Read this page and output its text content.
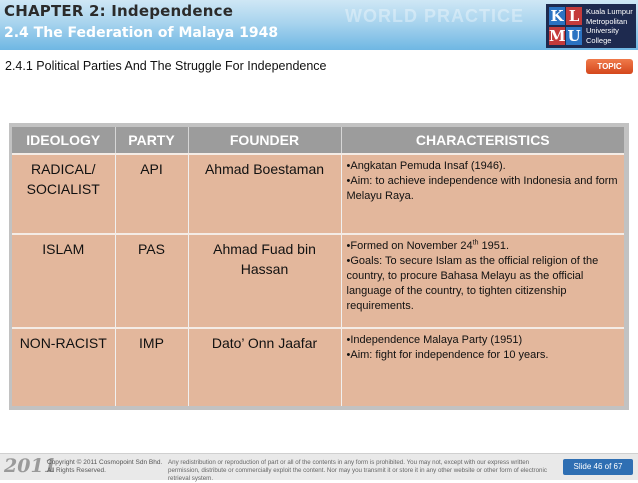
CHAPTER 2: Independence
2.4 The Federation of Malaya 1948
WORLD PRACTICE K L
M U
Kuala Lumpur
Metropolitan
University
College
2.4.1 Political Parties And The Struggle For Independence	TOPIC
IDEOLOGY	PARTY	FOUNDER	CHARACTERISTICS
RADICAL/ SOCIALIST	API	Ahmad Boestaman	•Angkatan Pemuda Insaf (1946).
•Aim: to achieve independence with Indonesia and form Melayu Raya.

ISLAM	PAS	Ahmad Fuad bin Hassan	•Formed on November 24th 1951.
•Goals: To secure Islam as the official religion of the country, to procure Bahasa Melayu as the official language of the country, to tighten citizenship requirements.

NON-RACIST	IMP	Dato’ Onn Jaafar	•Independence Malaya Party (1951)
•Aim: fight for independence for 10 years.
2011
Copyright © 2011 Cosmopoint Sdn Bhd. All Rights Reserved.
Any redistribution or reproduction of part or all of the contents in any form is prohibited. You may not, except with our express written permission, distribute or commercially exploit the content. Nor may you transmit it or store it in any other website or other form of electronic retrieval system.
Slide 46 of 67
